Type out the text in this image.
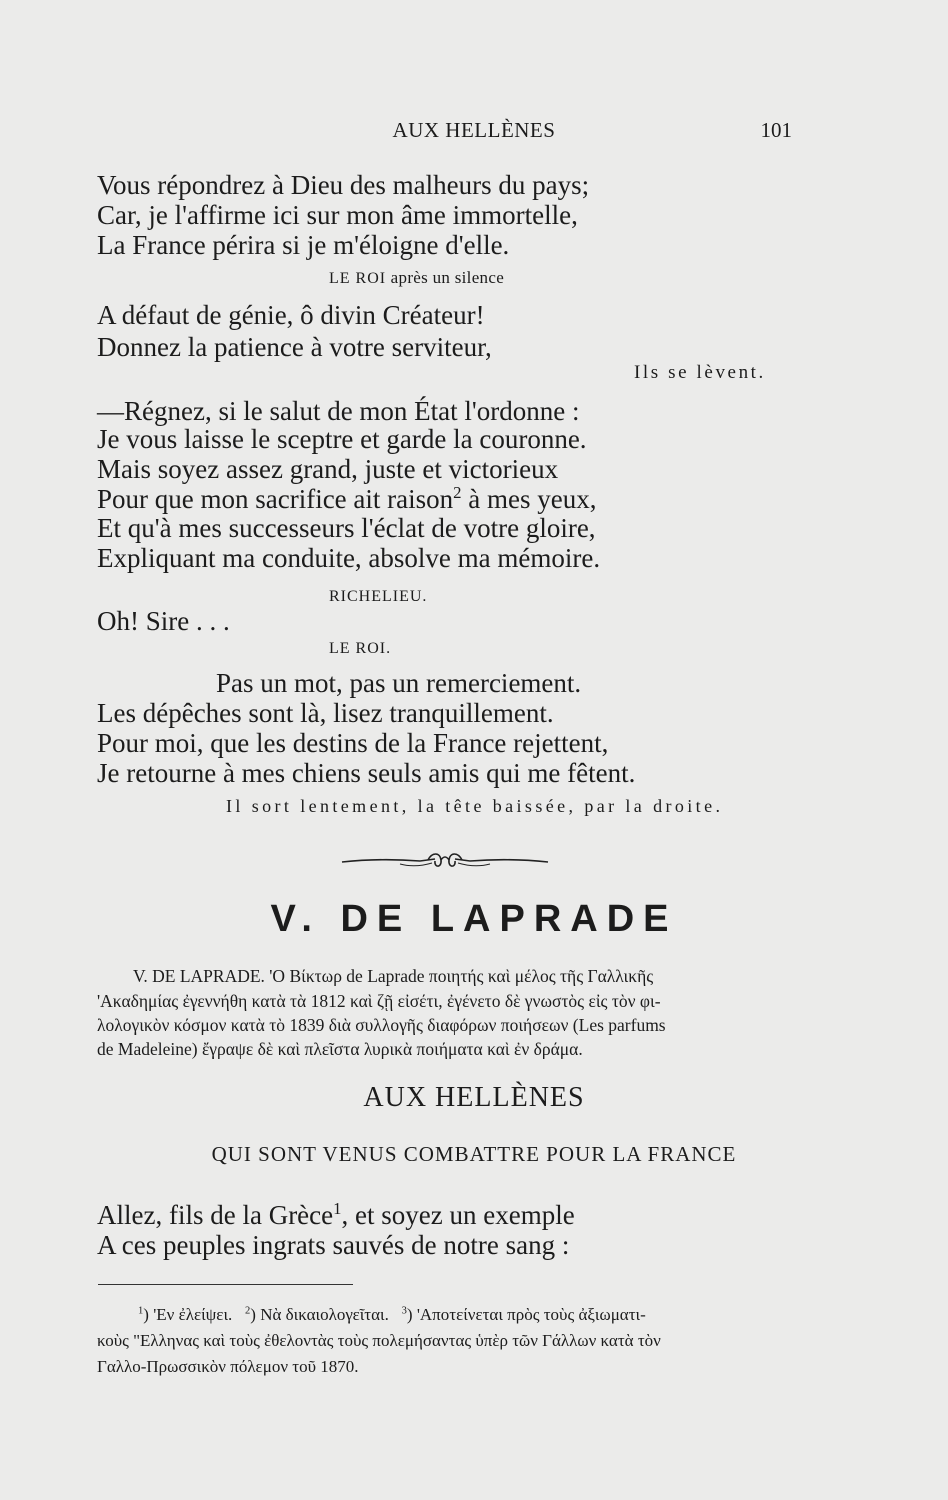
AUX HELLÈNES	101
Vous répondrez à Dieu des malheurs du pays;
Car, je l'affirme ici sur mon âme immortelle,
La France périra si je m'éloigne d'elle.
LE ROI après un silence
A défaut de génie, ô divin Créateur!
Donnez la patience à votre serviteur,
Ils se lèvent.
—Régnez, si le salut de mon État l'ordonne :
Je vous laisse le sceptre et garde la couronne.
Mais soyez assez grand, juste et victorieux
Pour que mon sacrifice ait raison$^2$ à mes yeux,
Et qu'à mes successeurs l'éclat de votre gloire,
Expliquant ma conduite, absolve ma mémoire.
RICHELIEU.
Oh! Sire . . .
LE ROI.
Pas un mot, pas un remerciement.
Les dépêches sont là, lisez tranquillement.
Pour moi, que les destins de la France rejettent,
Je retourne à mes chiens seuls amis qui me fêtent.
Il sort lentement, la tête baissée, par la droite.
V. DE LAPRADE
V. DE LAPRADE. 'Ο Βίκτωρ de Laprade ποιητής καὶ μέλος τῆς Γαλλικῆς
'Ακαδημίας ἐγεννήθη κατὰ τὰ 1812 καὶ ζῇ εἰσέτι, ἐγένετο δὲ γνωστὸς εἰς τὸν φι-
λολογικὸν κόσμον κατὰ τὸ 1839 διὰ συλλογῆς διαφόρων ποιήσεων (Les parfums
de Madeleine) ἔγραψε δὲ καὶ πλεῖστα λυρικὰ ποιήματα καὶ ἐν δράμα.
AUX HELLÈNES
QUI SONT VENUS COMBATTRE POUR LA FRANCE
Allez, fils de la Grèce$^1$, et soyez un exemple
A ces peuples ingrats sauvés de notre sang :
$^1$) 'Εν ἐλείψει. $^2$) Νὰ δικαιολογεῖται. $^3$) 'Αποτείνεται πρὸς τοὺς ἀξιωματι-
κοὺς "Ελληνας καὶ τοὺς ἐθελοντὰς τοὺς πολεμήσαντας ὑπὲρ τῶν Γάλλων κατὰ τὸν
Γαλλο-Πρωσσικὸν πόλεμον τοῦ 1870.
